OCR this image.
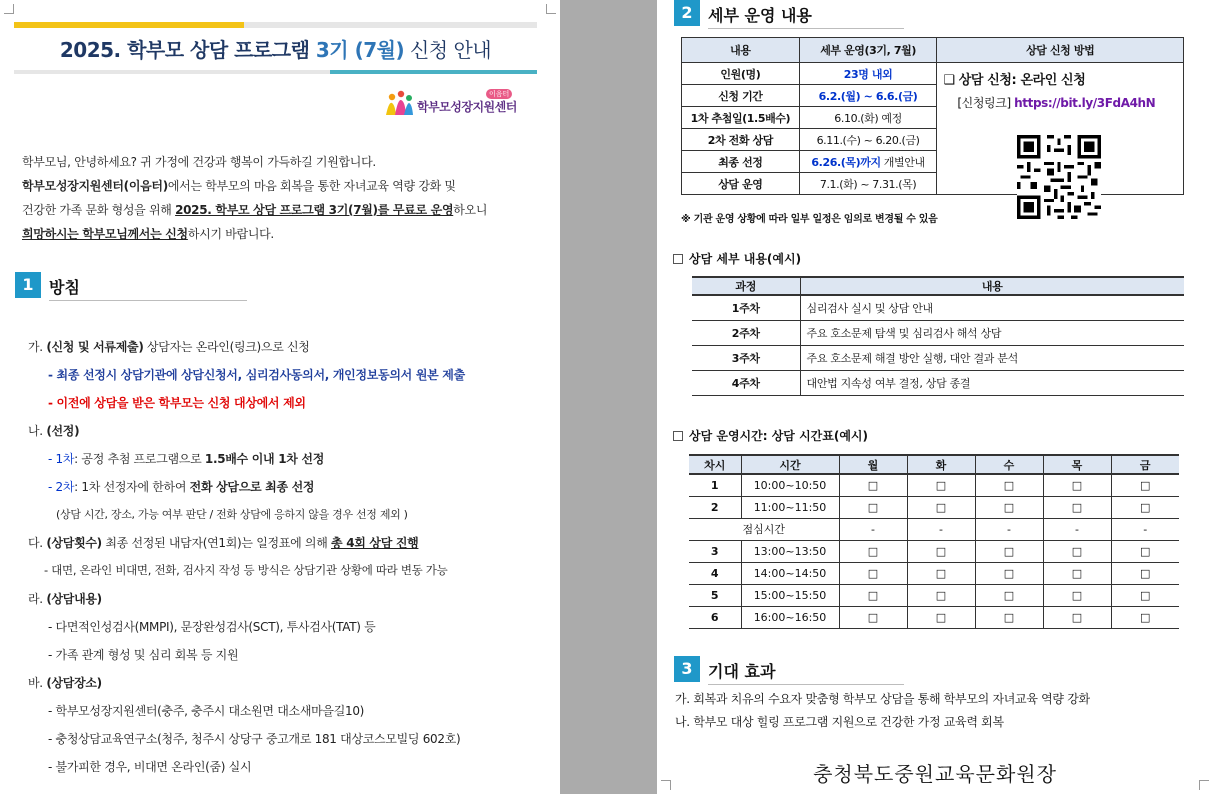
2025. 학부모 상담 프로그램 3기 (7월) 신청 안내
학부모성장지원센터
이음터

학부모님, 안녕하세요? 귀 가정에 건강과 행복이 가득하길 기원합니다.

학부모성장지원센터(이음터)에서는 학부모의 마음 회복을 통한 자녀교육 역량 강화 및

건강한 가족 문화 형성을 위해 2025. 학부모 상담 프로그램 3기(7월)를 무료로 운영하오니

희망하시는 학부모님께서는 신청하시기 바랍니다.

1 방침
가. (신청 및 서류제출) 상담자는 온라인(링크)으로 신청
- 최종 선정시 상담기관에 상담신청서, 심리검사동의서, 개인정보동의서 원본 제출
- 이전에 상담을 받은 학부모는 신청 대상에서 제외
나. (선정)
- 1차: 공정 추첨 프로그램으로 1.5배수 이내 1차 선정
- 2차: 1차 선정자에 한하여 전화 상담으로 최종 선정
(상담 시간, 장소, 가능 여부 판단 / 전화 상담에 응하지 않을 경우 선정 제외 )
다. (상담횟수) 최종 선정된 내담자(연1회)는 일정표에 의해 총 4회 상담 진행
- 대면, 온라인 비대면, 전화, 검사지 작성 등 방식은 상담기관 상황에 따라 변동 가능
라. (상담내용)
- 다면적인성검사(MMPI), 문장완성검사(SCT), 투사검사(TAT) 등
- 가족 관계 형성 및 심리 회복 등 지원
바. (상담장소)
- 학부모성장지원센터(충주, 충주시 대소원면 대소새마을길10)
- 충청상담교육연구소(청주, 청주시 상당구 중고개로 181 대상코스모빌딩 602호)
- 불가피한 경우, 비대면 온라인(줌) 실시
2 세부 운영 내용
내용	세부 운영(3기, 7월)	상담 신청 방법
인원(명)	23명 내외	❑ 상담 신청: 온라인 신청
[신청링크] https://bit.ly/3FdA4hN

신청 기간	6.2.(월) ~ 6.6.(금)	
1차 추첨일(1.5배수)	6.10.(화) 예정	
2차 전화 상담	6.11.(수) ~ 6.20.(금)	
최종 선정	6.26.(목)까지 개별안내	
상담 운영	7.1.(화) ~ 7.31.(목)	
※ 기관 운영 상황에 따라 일부 일정은 임의로 변경될 수 있음
상담 세부 내용(예시)
과정	내용
1주차	심리검사 실시 및 상담 안내
2주차	주요 호소문제 탐색 및 심리검사 해석 상담
3주차	주요 호소문제 해결 방안 실행, 대안 결과 분석
4주차	대안법 지속성 여부 결정, 상담 종결
상담 운영시간: 상담 시간표(예시)
차시	시간	월	화	수	목	금
1	10:00~10:50	□	□	□	□	□
2	11:00~11:50	□	□	□	□	□
점심시간		-	-	-	-	-
3	13:00~13:50	□	□	□	□	□
4	14:00~14:50	□	□	□	□	□
5	15:00~15:50	□	□	□	□	□
6	16:00~16:50	□	□	□	□	□
3 기대 효과
가. 회복과 치유의 수요자 맞춤형 학부모 상담을 통해 학부모의 자녀교육 역량 강화
나. 학부모 대상 힐링 프로그램 지원으로 건강한 가정 교육력 회복
충청북도중원교육문화원장
